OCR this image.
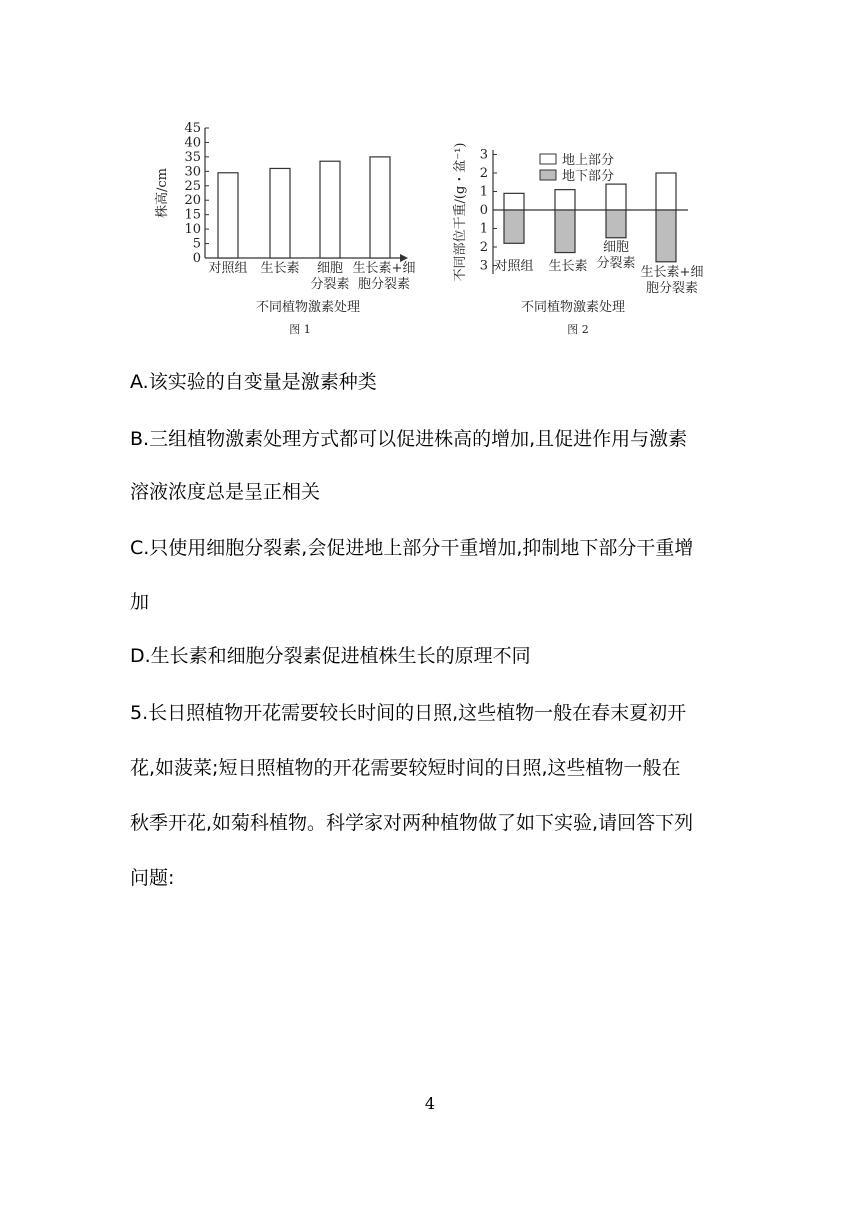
45
40
35
30
25
20
15
10
5
0
对照组 生长素 细胞
分裂素
生长素+细
胞分裂素
株高/cm
不同植物激素处理
图 1
3
2
1
0
1
2
3 对照组 生长素
细胞
分裂素
生长素+细
胞分裂素
地上部分
地下部分
不同部位干重/(g・盆⁻¹)
不同植物激素处理
图 2
A.该实验的自变量是激素种类
B.三组植物激素处理方式都可以促进株高的增加,且促进作用与激素
溶液浓度总是呈正相关
C.只使用细胞分裂素,会促进地上部分干重增加,抑制地下部分干重增
加
D.生长素和细胞分裂素促进植株生长的原理不同
5.长日照植物开花需要较长时间的日照,这些植物一般在春末夏初开
花,如菠菜;短日照植物的开花需要较短时间的日照,这些植物一般在
秋季开花,如菊科植物。科学家对两种植物做了如下实验,请回答下列
问题:
4
